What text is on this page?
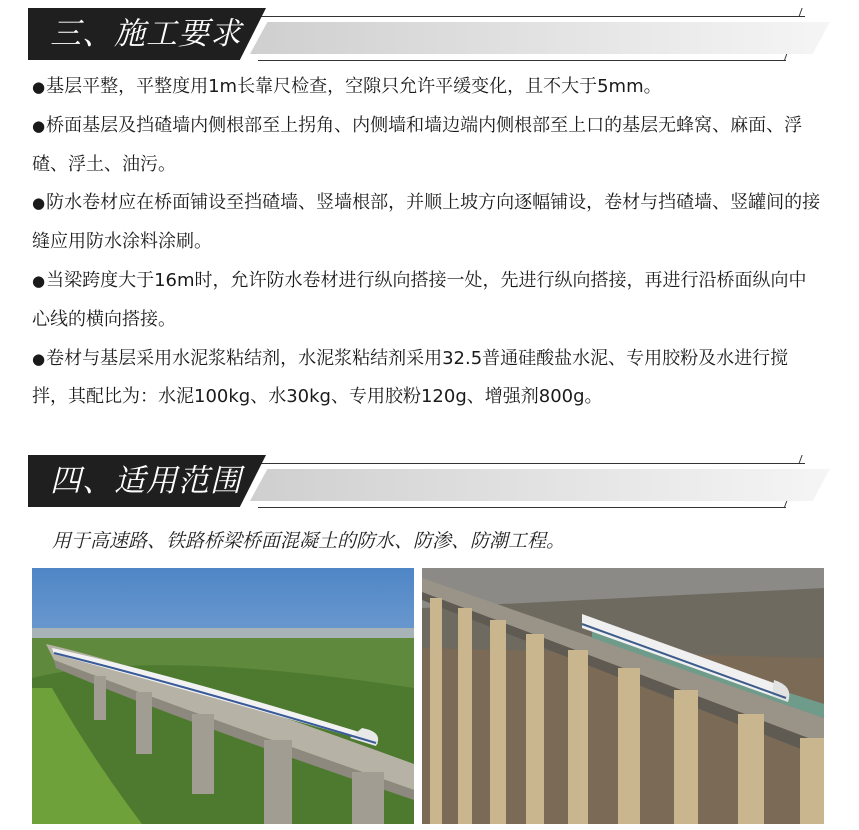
三、施工要求

●基层平整，平整度用1m长靠尺检查，空隙只允许平缓变化，且不大于5mm。

●桥面基层及挡碴墙内侧根部至上拐角、内侧墙和墙边端内侧根部至上口的基层无蜂窝、麻面、浮碴、浮土、油污。

●防水卷材应在桥面铺设至挡碴墙、竖墙根部，并顺上坡方向逐幅铺设，卷材与挡碴墙、竖罐间的接缝应用防水涂料涂刷。

●当梁跨度大于16m时，允许防水卷材进行纵向搭接一处，先进行纵向搭接，再进行沿桥面纵向中心线的横向搭接。

●卷材与基层采用水泥浆粘结剂，水泥浆粘结剂采用32.5普通硅酸盐水泥、专用胶粉及水进行搅拌，其配比为：水泥100kg、水30kg、专用胶粉120g、增强剂800g。

四、适用范围
用于高速路、铁路桥梁桥面混凝土的防水、防渗、防潮工程。
